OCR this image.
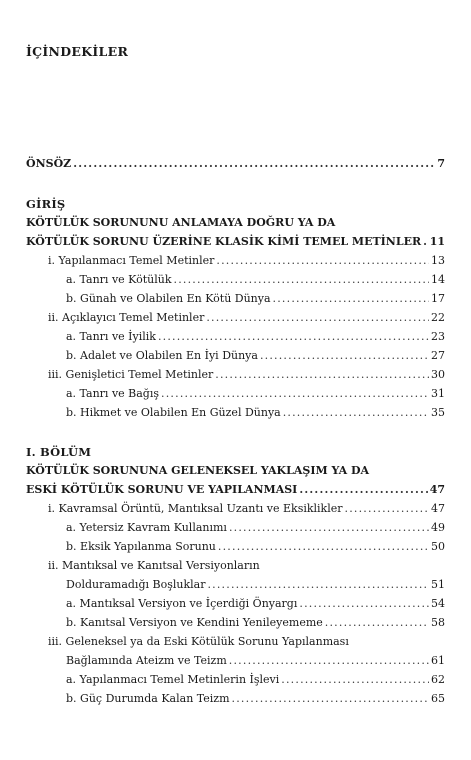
İÇİNDEKİLER
ÖNSÖZ .....	7
GİRİŞ
KÖTÜLÜK SORUNUNU ANLAMAYA DOĞRU YA DA
KÖTÜLÜK SORUNU ÜZERİNE KLASİK KİMİ TEMEL METİNLER ..... 11
i. Yapılanmacı Temel Metinler .....	13
a. Tanrı ve Kötülük .....	14
b. Günah ve Olabilen En Kötü Dünya .....	17
ii. Açıklayıcı Temel Metinler .....	22
a. Tanrı ve İyilik .....	23
b. Adalet ve Olabilen En İyi Dünya .....	27
iii. Genişletici Temel Metinler .....	30
a. Tanrı ve Bağış .....	31
b. Hikmet ve Olabilen En Güzel Dünya .....	35
I. BÖLÜM
KÖTÜLÜK SORUNUNA GELENEKSEL YAKLAŞIM YA DA
ESKİ KÖTÜLÜK SORUNU VE YAPILANMASI .....	47
i. Kavramsal Örüntü, Mantıksal Uzantı ve Eksiklikler .....	47
a. Yetersiz Kavram Kullanımı .....	49
b. Eksik Yapılanma Sorunu .....	50
ii. Mantıksal ve Kanıtsal Versiyonların
Dolduramadığı Boşluklar .....	51
a. Mantıksal Versiyon ve İçerdiği Önyargı .....	54
b. Kanıtsal Versiyon ve Kendini Yenileyememe .....	58
iii. Geleneksel ya da Eski Kötülük Sorunu Yapılanması
Bağlamında Ateizm ve Teizm .....	61
a. Yapılanmacı Temel Metinlerin İşlevi .....	62
b. Güç Durumda Kalan Teizm .....	65
